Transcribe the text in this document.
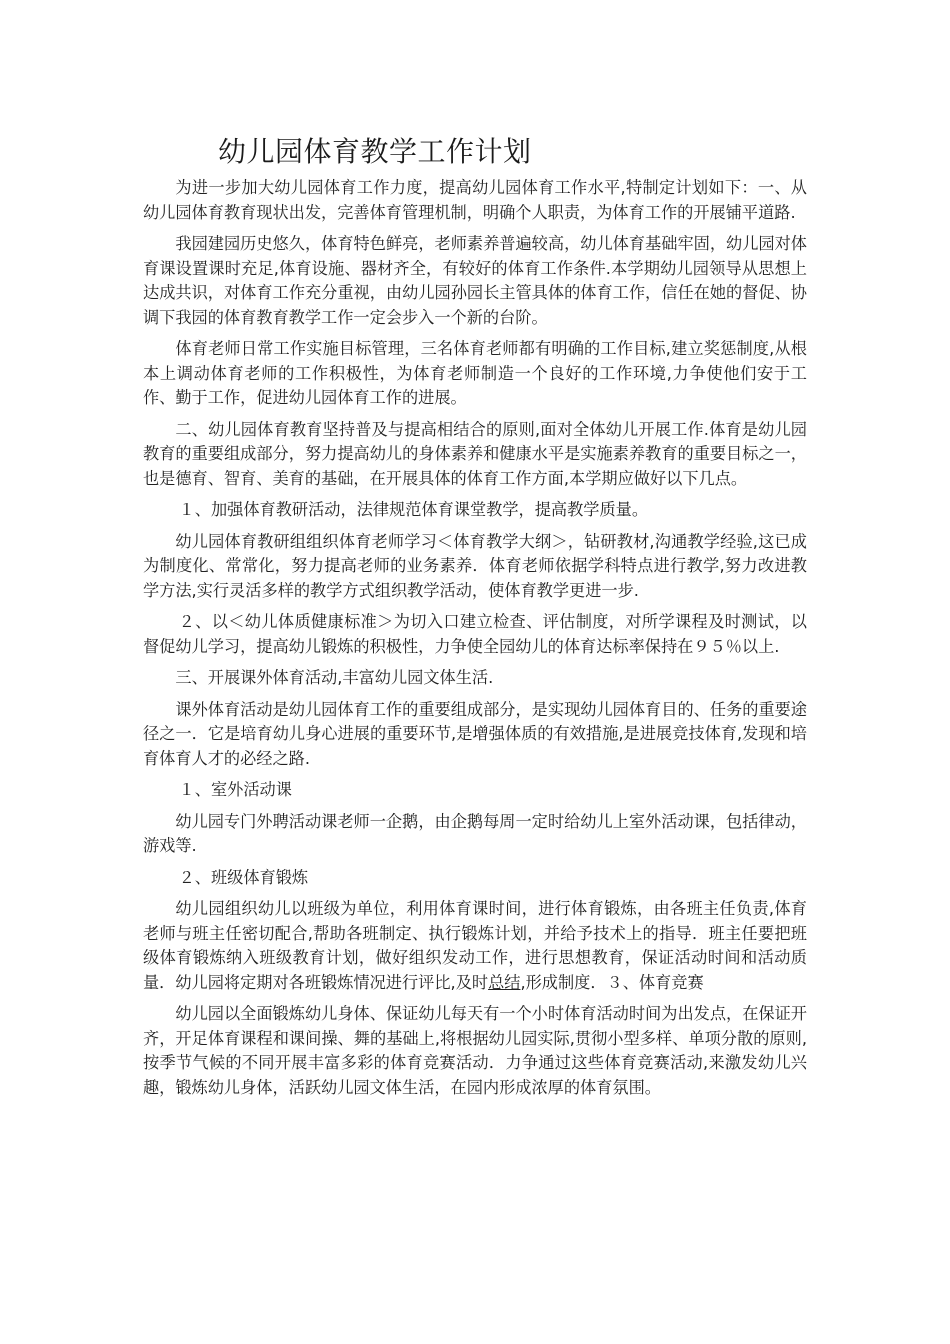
幼儿园体育教学工作计划

为进一步加大幼儿园体育工作力度，提高幼儿园体育工作水平,特制定计划如下：一、从幼儿园体育教育现状出发，完善体育管理机制，明确个人职责，为体育工作的开展铺平道路.

我园建园历史悠久，体育特色鲜亮，老师素养普遍较高，幼儿体育基础牢固，幼儿园对体育课设置课时充足,体育设施、器材齐全，有较好的体育工作条件.本学期幼儿园领导从思想上达成共识，对体育工作充分重视，由幼儿园孙园长主管具体的体育工作，信任在她的督促、协调下我园的体育教育教学工作一定会步入一个新的台阶。

体育老师日常工作实施目标管理，三名体育老师都有明确的工作目标,建立奖惩制度,从根本上调动体育老师的工作积极性，为体育老师制造一个良好的工作环境,力争使他们安于工作、勤于工作，促进幼儿园体育工作的进展。

二、幼儿园体育教育坚持普及与提高相结合的原则,面对全体幼儿开展工作.体育是幼儿园教育的重要组成部分，努力提高幼儿的身体素养和健康水平是实施素养教育的重要目标之一，也是德育、智育、美育的基础，在开展具体的体育工作方面,本学期应做好以下几点。

１、加强体育教研活动，法律规范体育课堂教学，提高教学质量。

幼儿园体育教研组组织体育老师学习＜体育教学大纲＞，钻研教材,沟通教学经验,这已成为制度化、常常化，努力提高老师的业务素养．体育老师依据学科特点进行教学,努力改进教学方法,实行灵活多样的教学方式组织教学活动，使体育教学更进一步.

２、以＜幼儿体质健康标准＞为切入口建立检查、评估制度，对所学课程及时测试，以督促幼儿学习，提高幼儿锻炼的积极性，力争使全园幼儿的体育达标率保持在９５％以上.

三、开展课外体育活动,丰富幼儿园文体生活.

课外体育活动是幼儿园体育工作的重要组成部分，是实现幼儿园体育目的、任务的重要途径之一．它是培育幼儿身心进展的重要环节,是增强体质的有效措施,是进展竞技体育,发现和培育体育人才的必经之路.

１、室外活动课

幼儿园专门外聘活动课老师一企鹅，由企鹅每周一定时给幼儿上室外活动课，包括律动，游戏等.

２、班级体育锻炼

幼儿园组织幼儿以班级为单位，利用体育课时间，进行体育锻炼，由各班主任负责,体育老师与班主任密切配合,帮助各班制定、执行锻炼计划，并给予技术上的指导．班主任要把班级体育锻炼纳入班级教育计划，做好组织发动工作，进行思想教育，保证活动时间和活动质量．幼儿园将定期对各班锻炼情况进行评比,及时总结,形成制度．３、体育竞赛

幼儿园以全面锻炼幼儿身体、保证幼儿每天有一个小时体育活动时间为出发点，在保证开齐，开足体育课程和课间操、舞的基础上,将根据幼儿园实际,贯彻小型多样、单项分散的原则,按季节气候的不同开展丰富多彩的体育竞赛活动．力争通过这些体育竞赛活动,来激发幼儿兴趣，锻炼幼儿身体，活跃幼儿园文体生活，在园内形成浓厚的体育氛围。
